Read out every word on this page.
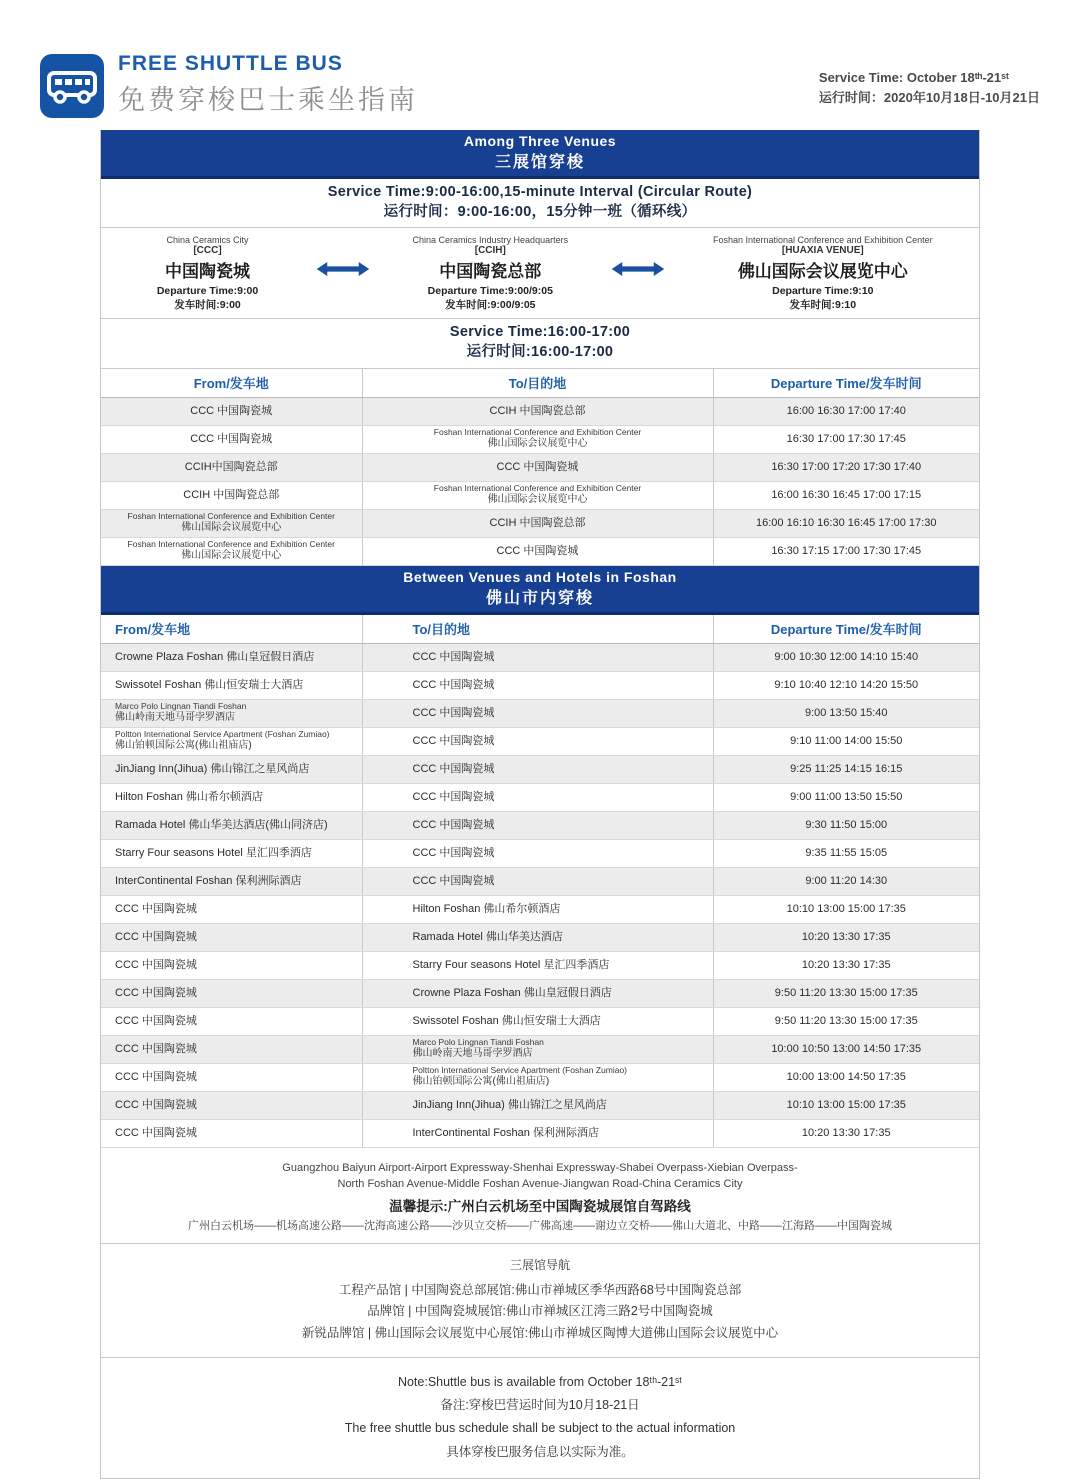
FREE SHUTTLE BUS
免费穿梭巴士乘坐指南
Service Time: October 18ᵗʰ-21ˢᵗ
运行时间：2020年10月18日-10月21日
Among Three Venues
三展馆穿梭
Service Time:9:00-16:00,15-minute Interval (Circular Route)
运行时间：9:00-16:00，15分钟一班（循环线）
China Ceramics City
[CCC]
中国陶瓷城
Departure Time:9:00
发车时间:9:00
China Ceramics Industry Headquarters
[CCIH]
中国陶瓷总部
Departure Time:9:00/9:05
发车时间:9:00/9:05
Foshan International Conference and Exhibition Center
[HUAXIA VENUE]
佛山国际会议展览中心
Departure Time:9:10
发车时间:9:10
Service Time:16:00-17:00
运行时间:16:00-17:00
From/发车地	To/目的地	Departure Time/发车时间

CCC 中国陶瓷城	CCIH 中国陶瓷总部	16:00 16:30 17:00 17:40

CCC 中国陶瓷城	Foshan International Conference and Exhibition Center
佛山国际会议展览中心	16:30 17:00 17:30 17:45

CCIH中国陶瓷总部	CCC 中国陶瓷城	16:30 17:00 17:20 17:30 17:40

CCIH 中国陶瓷总部	Foshan International Conference and Exhibition Center
佛山国际会议展览中心	16:00 16:30 16:45 17:00 17:15

Foshan International Conference and Exhibition Center
佛山国际会议展览中心	CCIH 中国陶瓷总部	16:00 16:10 16:30 16:45 17:00 17:30

Foshan International Conference and Exhibition Center
佛山国际会议展览中心	CCC 中国陶瓷城	16:30 17:15 17:00 17:30 17:45
Between Venues and Hotels in Foshan
佛山市内穿梭
From/发车地	To/目的地	Departure Time/发车时间

Crowne Plaza Foshan 佛山皇冠假日酒店	CCC 中国陶瓷城	9:00 10:30 12:00 14:10 15:40

Swissotel Foshan 佛山恒安瑞士大酒店	CCC 中国陶瓷城	9:10 10:40 12:10 14:20 15:50

Marco Polo Lingnan Tiandi Foshan
佛山岭南天地马哥孛罗酒店	CCC 中国陶瓷城	9:00 13:50 15:40

Poltton International Service Apartment (Foshan Zumiao)
佛山铂顿国际公寓(佛山祖庙店)	CCC 中国陶瓷城	9:10 11:00 14:00 15:50

JinJiang Inn(Jihua) 佛山锦江之星风尚店	CCC 中国陶瓷城	9:25 11:25 14:15 16:15

Hilton Foshan 佛山希尔顿酒店	CCC 中国陶瓷城	9:00 11:00 13:50 15:50

Ramada Hotel 佛山华美达酒店(佛山同济店)	CCC 中国陶瓷城	9:30 11:50 15:00

Starry Four seasons Hotel 星汇四季酒店	CCC 中国陶瓷城	9:35 11:55 15:05

InterContinental Foshan 保利洲际酒店	CCC 中国陶瓷城	9:00 11:20 14:30

CCC 中国陶瓷城	Hilton Foshan 佛山希尔顿酒店	10:10 13:00 15:00 17:35

CCC 中国陶瓷城	Ramada Hotel 佛山华美达酒店	10:20 13:30 17:35

CCC 中国陶瓷城	Starry Four seasons Hotel 星汇四季酒店	10:20 13:30 17:35

CCC 中国陶瓷城	Crowne Plaza Foshan 佛山皇冠假日酒店	9:50 11:20 13:30 15:00 17:35

CCC 中国陶瓷城	Swissotel Foshan 佛山恒安瑞士大酒店	9:50 11:20 13:30 15:00 17:35

CCC 中国陶瓷城	Marco Polo Lingnan Tiandi Foshan
佛山岭南天地马哥孛罗酒店	10:00 10:50 13:00 14:50 17:35

CCC 中国陶瓷城	Poltton International Service Apartment (Foshan Zumiao)
佛山铂顿国际公寓(佛山祖庙店)	10:00 13:00 14:50 17:35

CCC 中国陶瓷城	JinJiang Inn(Jihua) 佛山锦江之星风尚店	10:10 13:00 15:00 17:35

CCC 中国陶瓷城	InterContinental Foshan 保利洲际酒店	10:20 13:30 17:35
Guangzhou Baiyun Airport-Airport Expressway-Shenhai Expressway-Shabei Overpass-Xiebian Overpass-
North Foshan Avenue-Middle Foshan Avenue-Jiangwan Road-China Ceramics City
温馨提示:广州白云机场至中国陶瓷城展馆自驾路线
广州白云机场——机场高速公路——沈海高速公路——沙贝立交桥——广佛高速——谢边立交桥——佛山大道北、中路——江海路——中国陶瓷城
三展馆导航
工程产品馆 | 中国陶瓷总部展馆:佛山市禅城区季华西路68号中国陶瓷总部
品牌馆 | 中国陶瓷城展馆:佛山市禅城区江湾三路2号中国陶瓷城
新锐品牌馆 | 佛山国际会议展览中心展馆:佛山市禅城区陶博大道佛山国际会议展览中心
Note:Shuttle bus is available from October 18ᵗʰ-21ˢᵗ
备注:穿梭巴营运时间为10月18-21日
The free shuttle bus schedule shall be subject to the actual information
具体穿梭巴服务信息以实际为准。
